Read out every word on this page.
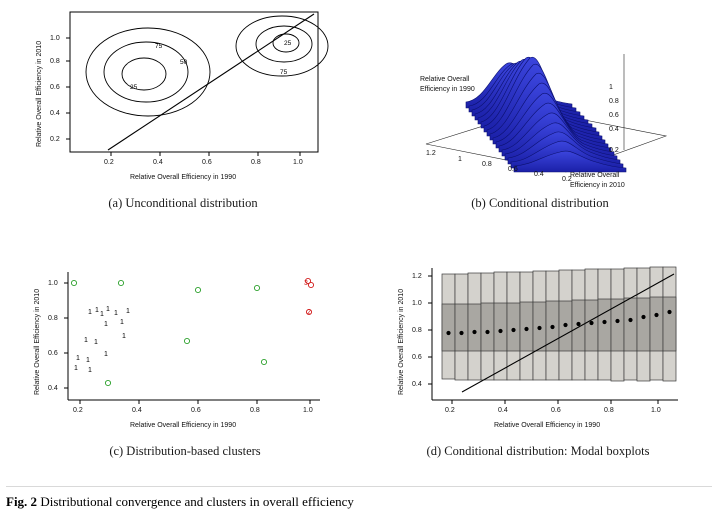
75
50
25
25
75
0.2	0.4	0.6	0.8	1.0
0.2
0.4
0.6
0.8
1.0
Relative Overall Efficiency in 1990
Relative Overall Efficiency in 2010
(a) Unconditional distribution
Relative Overall
Efficiency in 1990
Relative Overall
Efficiency in 2010
1.2
1
0.8
0.6
0.4
0.2
1
0.8
0.6
0.4
0.2
(b) Conditional distribution
1 1
1
1
1 1
1 1
1 1
1
1 1
1
1 1
3
2
0.2	0.4	0.6	0.8	1.0
0.4
0.6
0.8
1.0
Relative Overall Efficiency in 1990
Relative Overall Efficiency in 2010
(c) Distribution-based clusters
0.2	0.4	0.6	0.8	1.0
0.4
0.6
0.8
1.0
1.2
Relative Overall Efficiency in 1990
Relative Overall Efficiency in 2010
(d) Conditional distribution: Modal boxplots
Fig. 2 Distributional convergence and clusters in overall efficiency
